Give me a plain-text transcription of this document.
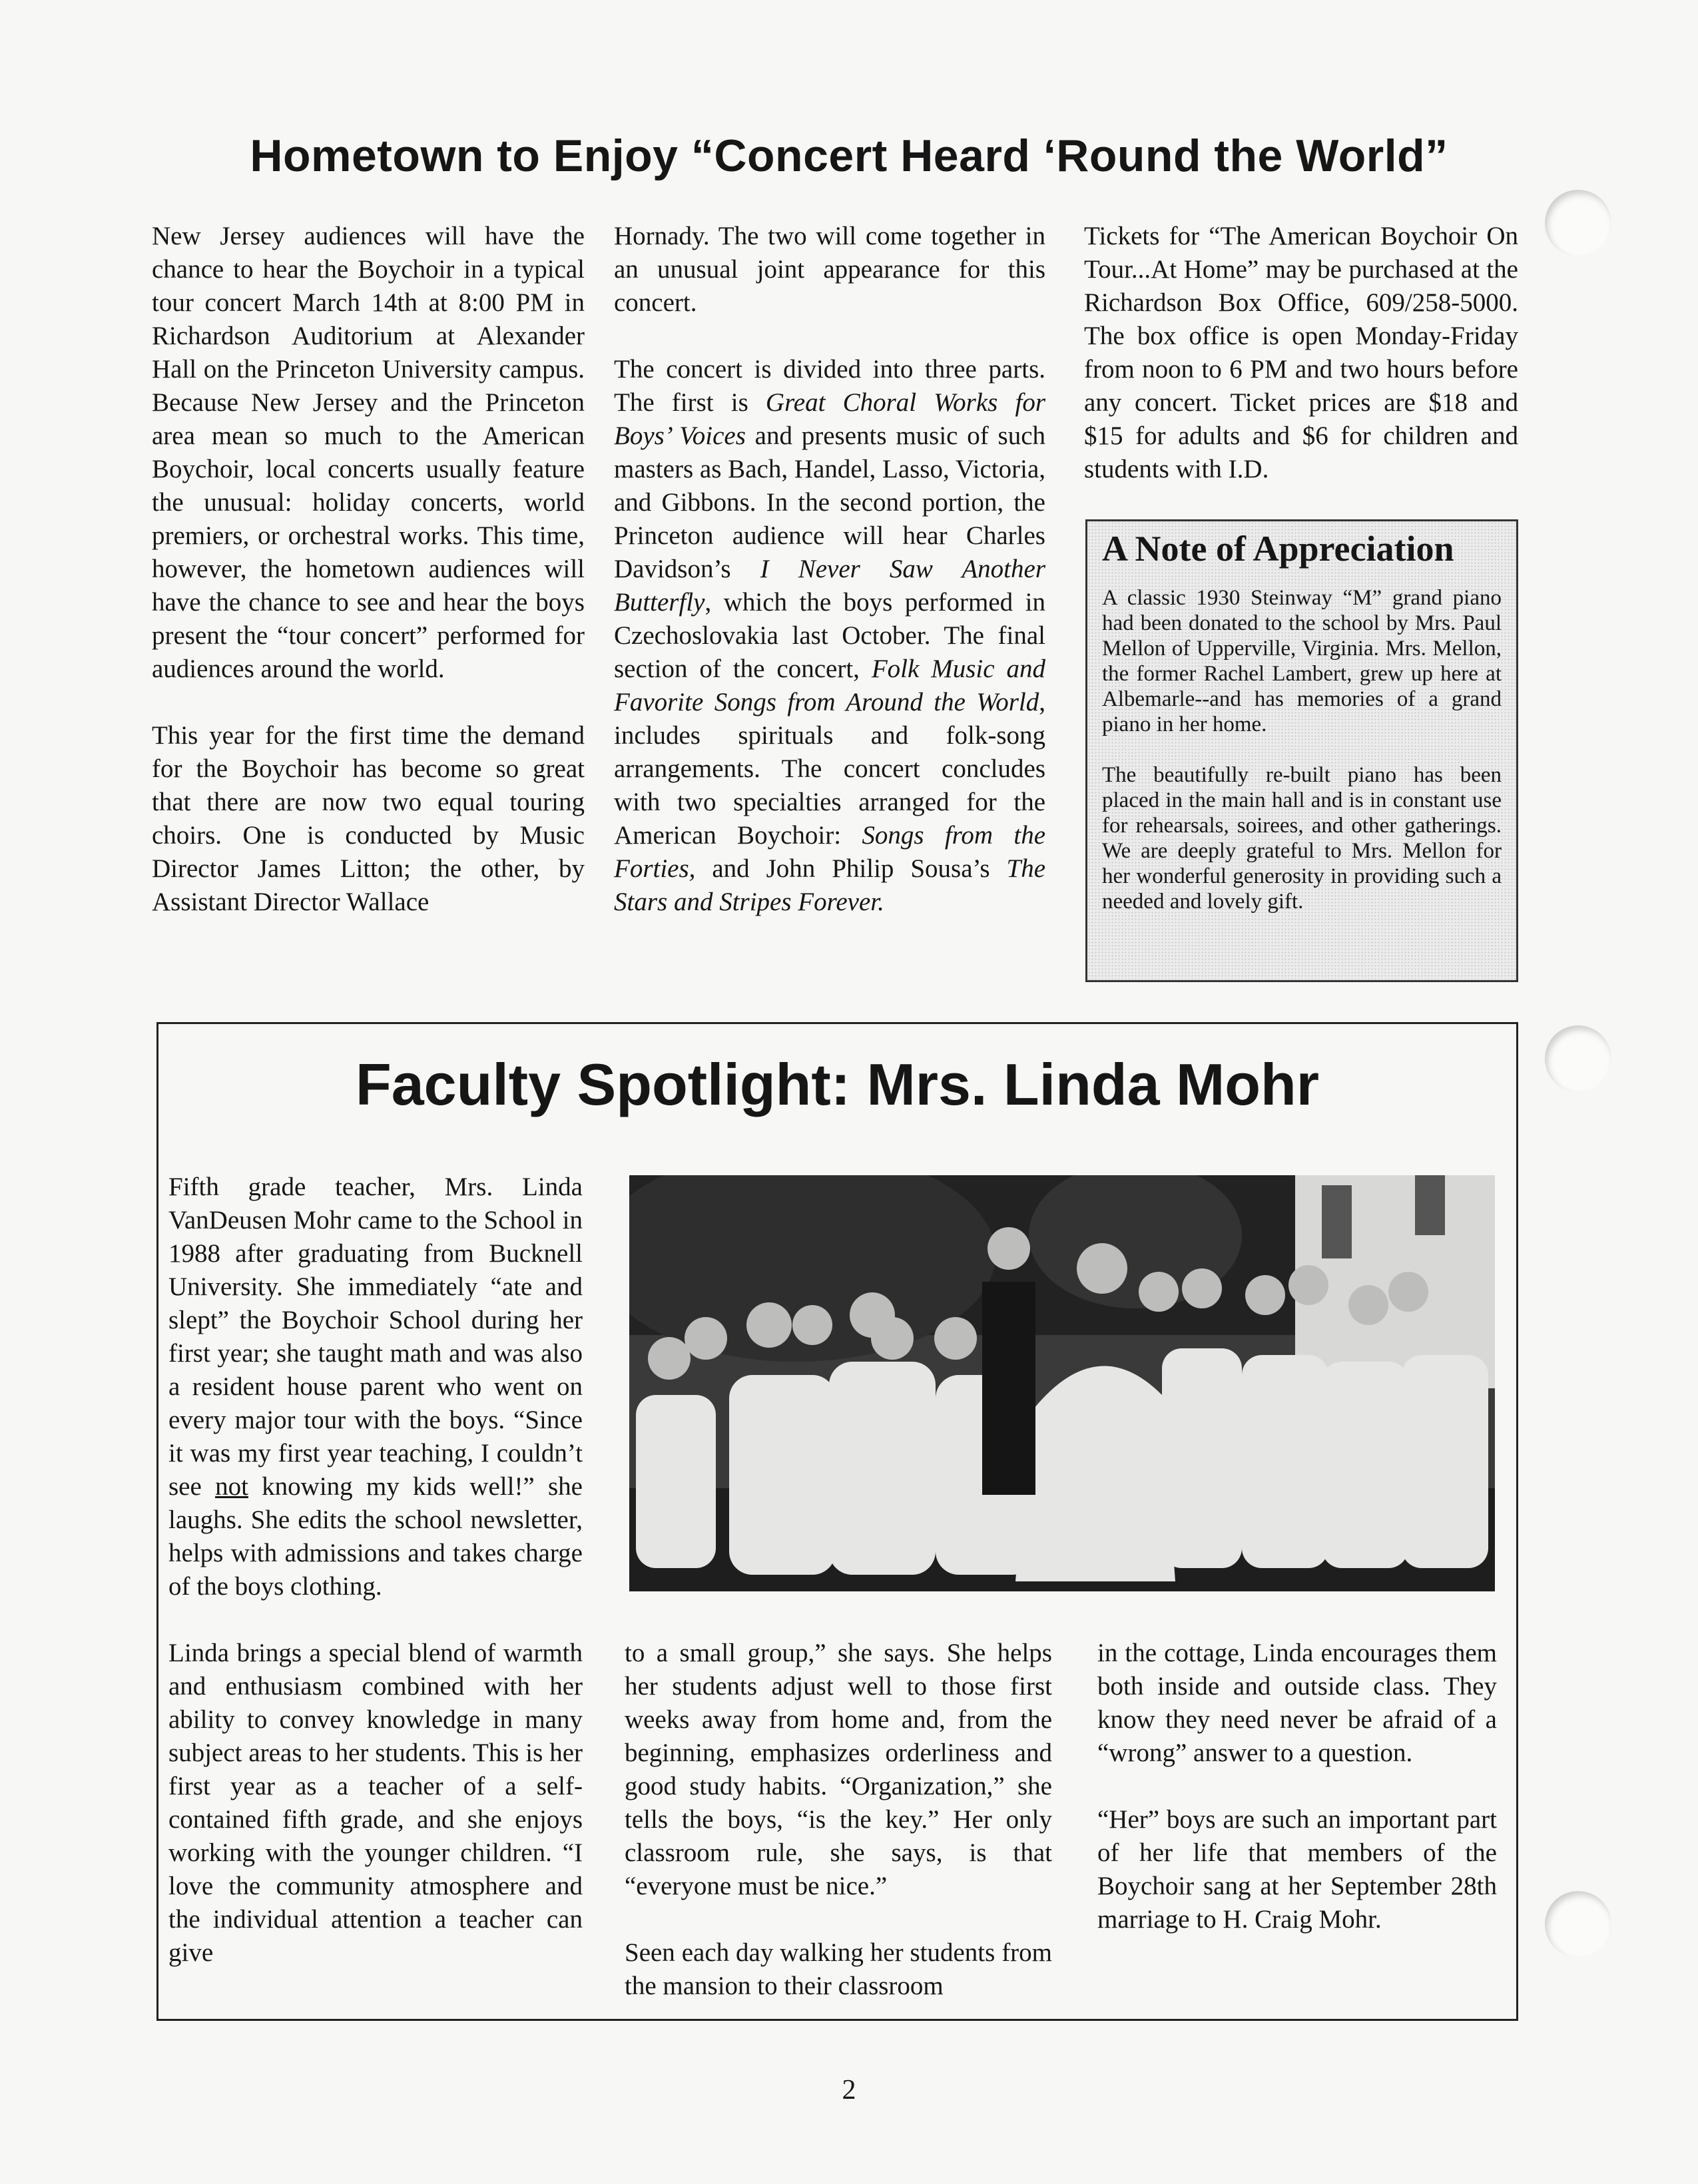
Hometown to Enjoy “Concert Heard ‘Round the World”

New Jersey audiences will have the chance to hear the Boychoir in a typical tour concert March 14th at 8:00 PM in Richardson Auditorium at Alexander Hall on the Princeton University campus. Because New Jersey and the Princeton area mean so much to the American Boychoir, local concerts usually feature the unusual: holiday concerts, world premiers, or orchestral works. This time, however, the hometown audiences will have the chance to see and hear the boys present the “tour concert” performed for audiences around the world.

This year for the first time the demand for the Boychoir has become so great that there are now two equal touring choirs. One is conducted by Music Director James Litton; the other, by Assistant Director Wallace

Hornady. The two will come together in an unusual joint appearance for this concert.

The concert is divided into three parts. The first is Great Choral Works for Boys’ Voices and presents music of such masters as Bach, Handel, Lasso, Victoria, and Gibbons. In the second portion, the Princeton audience will hear Charles Davidson’s I Never Saw Another Butterfly, which the boys performed in Czechoslovakia last October. The final section of the concert, Folk Music and Favorite Songs from Around the World, includes spirituals and folk-song arrangements. The concert concludes with two specialties arranged for the American Boychoir: Songs from the Forties, and John Philip Sousa’s The Stars and Stripes Forever.

Tickets for “The American Boychoir On Tour...At Home” may be purchased at the Richardson Box Office, 609/258-5000. The box office is open Monday-Friday from noon to 6 PM and two hours before any concert. Ticket prices are $18 and $15 for adults and $6 for children and students with I.D.

A Note of Appreciation

A classic 1930 Steinway “M” grand piano had been donated to the school by Mrs. Paul Mellon of Upperville, Virginia. Mrs. Mellon, the former Rachel Lambert, grew up here at Albemarle--and has memories of a grand piano in her home.

The beautifully re-built piano has been placed in the main hall and is in constant use for rehearsals, soirees, and other gatherings. We are deeply grateful to Mrs. Mellon for her wonderful generosity in providing such a needed and lovely gift.

Faculty Spotlight: Mrs. Linda Mohr

Fifth grade teacher, Mrs. Linda VanDeusen Mohr came to the School in 1988 after graduating from Bucknell University. She immediately “ate and slept” the Boychoir School during her first year; she taught math and was also a resident house parent who went on every major tour with the boys. “Since it was my first year teaching, I couldn’t see not knowing my kids well!” she laughs. She edits the school newsletter, helps with admissions and takes charge of the boys clothing.

Linda brings a special blend of warmth and enthusiasm combined with her ability to convey knowledge in many subject areas to her students. This is her first year as a teacher of a self-contained fifth grade, and she enjoys working with the younger children. “I love the community atmosphere and the individual attention a teacher can give

to a small group,” she says. She helps her students adjust well to those first weeks away from home and, from the beginning, emphasizes orderliness and good study habits. “Organization,” she tells the boys, “is the key.” Her only classroom rule, she says, is that “everyone must be nice.”

Seen each day walking her students from the mansion to their classroom

in the cottage, Linda encourages them both inside and outside class. They know they need never be afraid of a “wrong” answer to a question.

“Her” boys are such an important part of her life that members of the Boychoir sang at her September 28th marriage to H. Craig Mohr.

2
